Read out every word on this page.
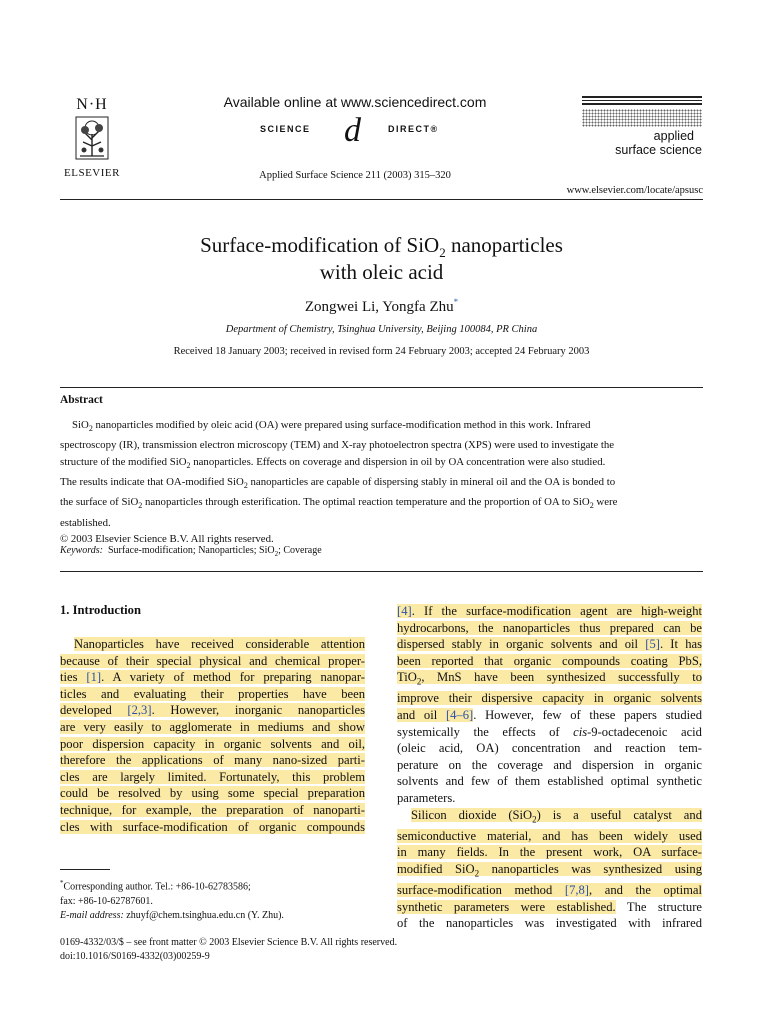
N·H
ELSEVIER
Available online at www.sciencedirect.com
SCIENCE d	DIRECT®
Applied Surface Science 211 (2003) 315–320
applied
surface science
www.elsevier.com/locate/apsusc
Surface-modification of SiO$_2$ nanoparticles
with oleic acid
Zongwei Li, Yongfa Zhu*
Department of Chemistry, Tsinghua University, Beijing 100084, PR China
Received 18 January 2003; received in revised form 24 February 2003; accepted 24 February 2003
Abstract
SiO$_2$ nanoparticles modified by oleic acid (OA) were prepared using surface-modification method in this work. Infrared
spectroscopy (IR), transmission electron microscopy (TEM) and X-ray photoelectron spectra (XPS) were used to investigate the
structure of the modified SiO$_2$ nanoparticles. Effects on coverage and dispersion in oil by OA concentration were also studied.
The results indicate that OA-modified SiO$_2$ nanoparticles are capable of dispersing stably in mineral oil and the OA is bonded to
the surface of SiO$_2$ nanoparticles through esterification. The optimal reaction temperature and the proportion of OA to SiO$_2$ were
established.
© 2003 Elsevier Science B.V. All rights reserved.
Keywords: Surface-modification; Nanoparticles; SiO$_2$; Coverage
1. Introduction
Nanoparticles have received considerable attention
because of their special physical and chemical proper-
ties [1]. A variety of method for preparing nanopar-
ticles and evaluating their properties have been
developed [2,3]. However, inorganic nanoparticles
are very easily to agglomerate in mediums and show
poor dispersion capacity in organic solvents and oil,
therefore the applications of many nano-sized parti-
cles are largely limited. Fortunately, this problem
could be resolved by using some special preparation
technique, for example, the preparation of nanoparti-
cles with surface-modification of organic compounds
[4]. If the surface-modification agent are high-weight
hydrocarbons, the nanoparticles thus prepared can be
dispersed stably in organic solvents and oil [5]. It has
been reported that organic compounds coating PbS,
TiO$_2$, MnS have been synthesized successfully to
improve their dispersive capacity in organic solvents
and oil [4–6]. However, few of these papers studied
systemically the effects of cis-9-octadecenoic acid
(oleic acid, OA) concentration and reaction tem-
perature on the coverage and dispersion in organic
solvents and few of them established optimal synthetic
parameters.
Silicon dioxide (SiO$_2$) is a useful catalyst and
semiconductive material, and has been widely used
in many fields. In the present work, OA surface-
modified SiO$_2$ nanoparticles was synthesized using
surface-modification method [7,8], and the optimal
synthetic parameters were established. The structure
of the nanoparticles was investigated with infrared
*Corresponding author. Tel.: +86-10-62783586;
fax: +86-10-62787601.
E-mail address: zhuyf@chem.tsinghua.edu.cn (Y. Zhu).
0169-4332/03/$ – see front matter © 2003 Elsevier Science B.V. All rights reserved.
doi:10.1016/S0169-4332(03)00259-9
